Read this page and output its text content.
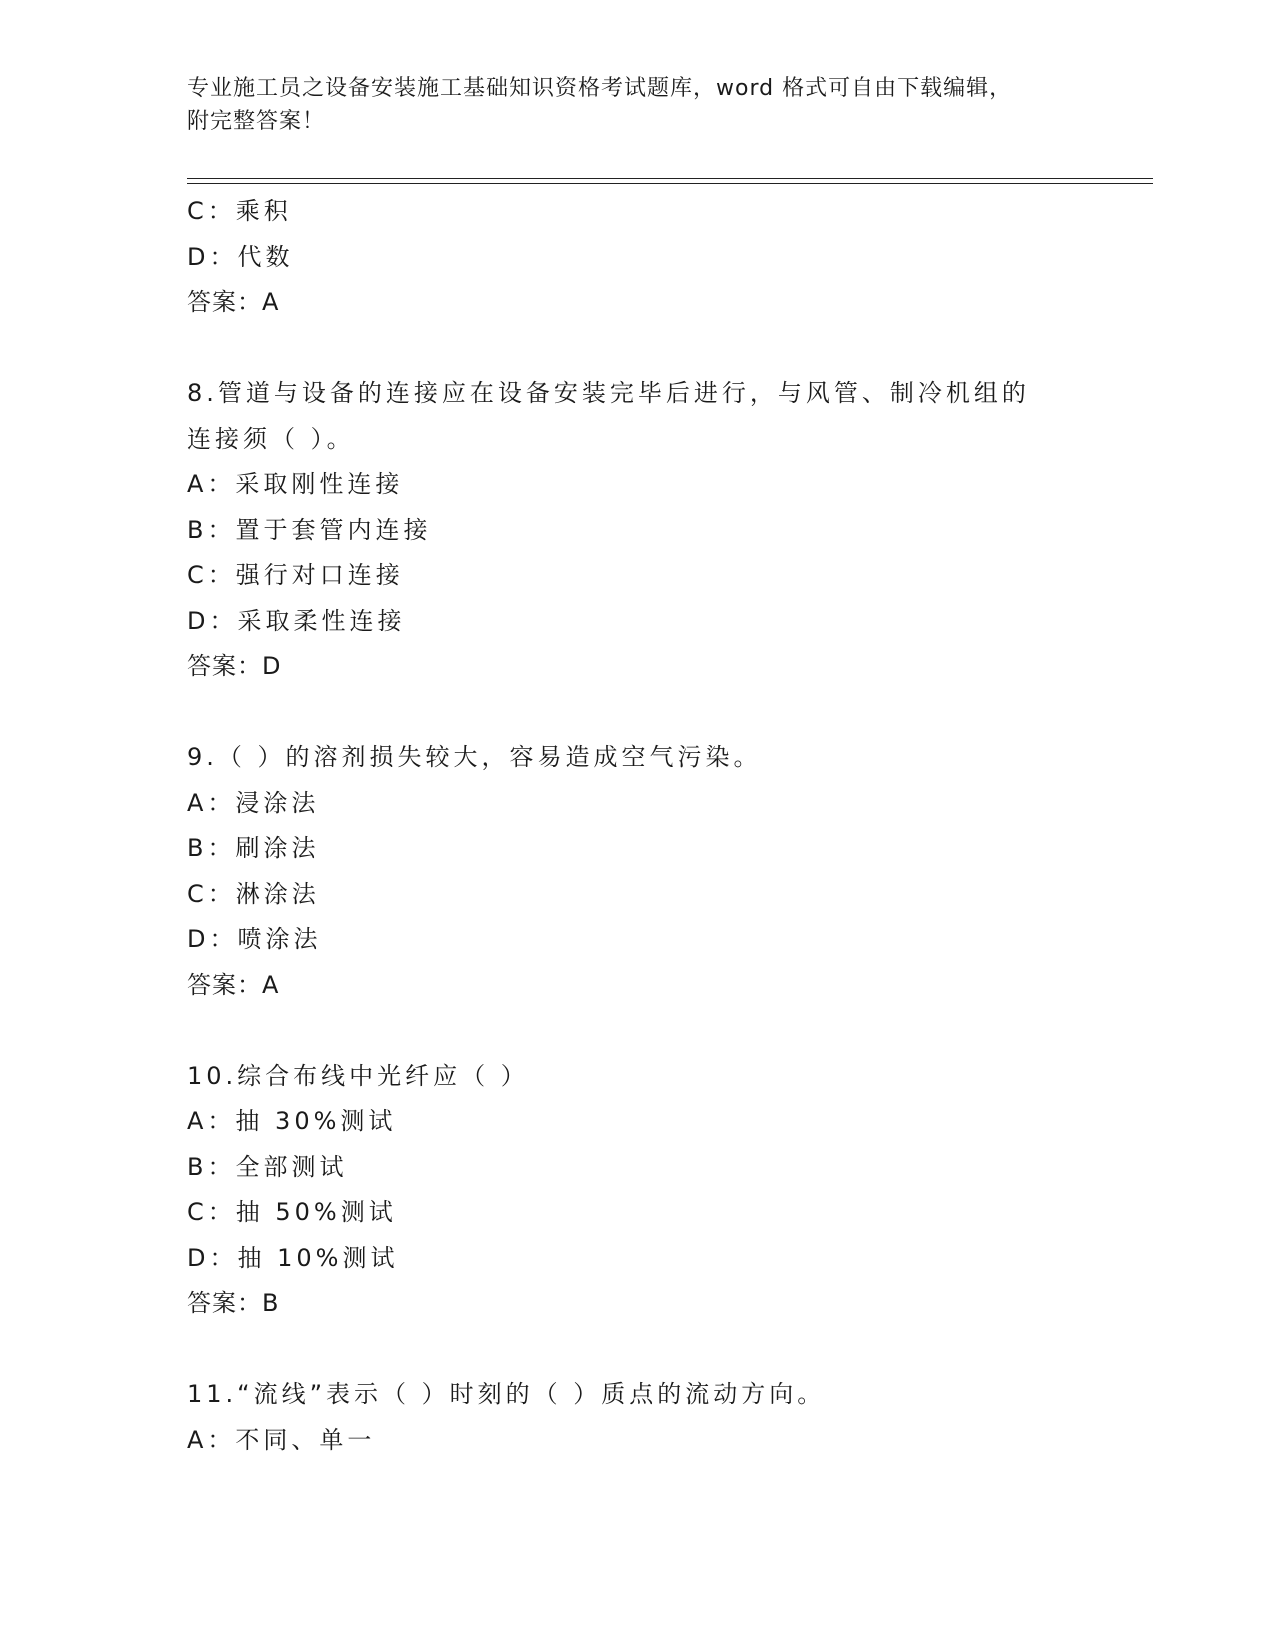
专业施工员之设备安装施工基础知识资格考试题库，word 格式可自由下载编辑，
附完整答案！
C：乘积
D：代数
答案：A
8.管道与设备的连接应在设备安装完毕后进行，与风管、制冷机组的
连接须（ ）。
A：采取刚性连接
B：置于套管内连接
C：强行对口连接
D：采取柔性连接
答案：D
9.（ ）的溶剂损失较大，容易造成空气污染。
A：浸涂法
B：刷涂法
C：淋涂法
D：喷涂法
答案：A
10.综合布线中光纤应（ ）
A：抽 30%测试
B：全部测试
C：抽 50%测试
D：抽 10%测试
答案：B
11.“流线”表示（ ）时刻的（ ）质点的流动方向。
A：不同、单一
